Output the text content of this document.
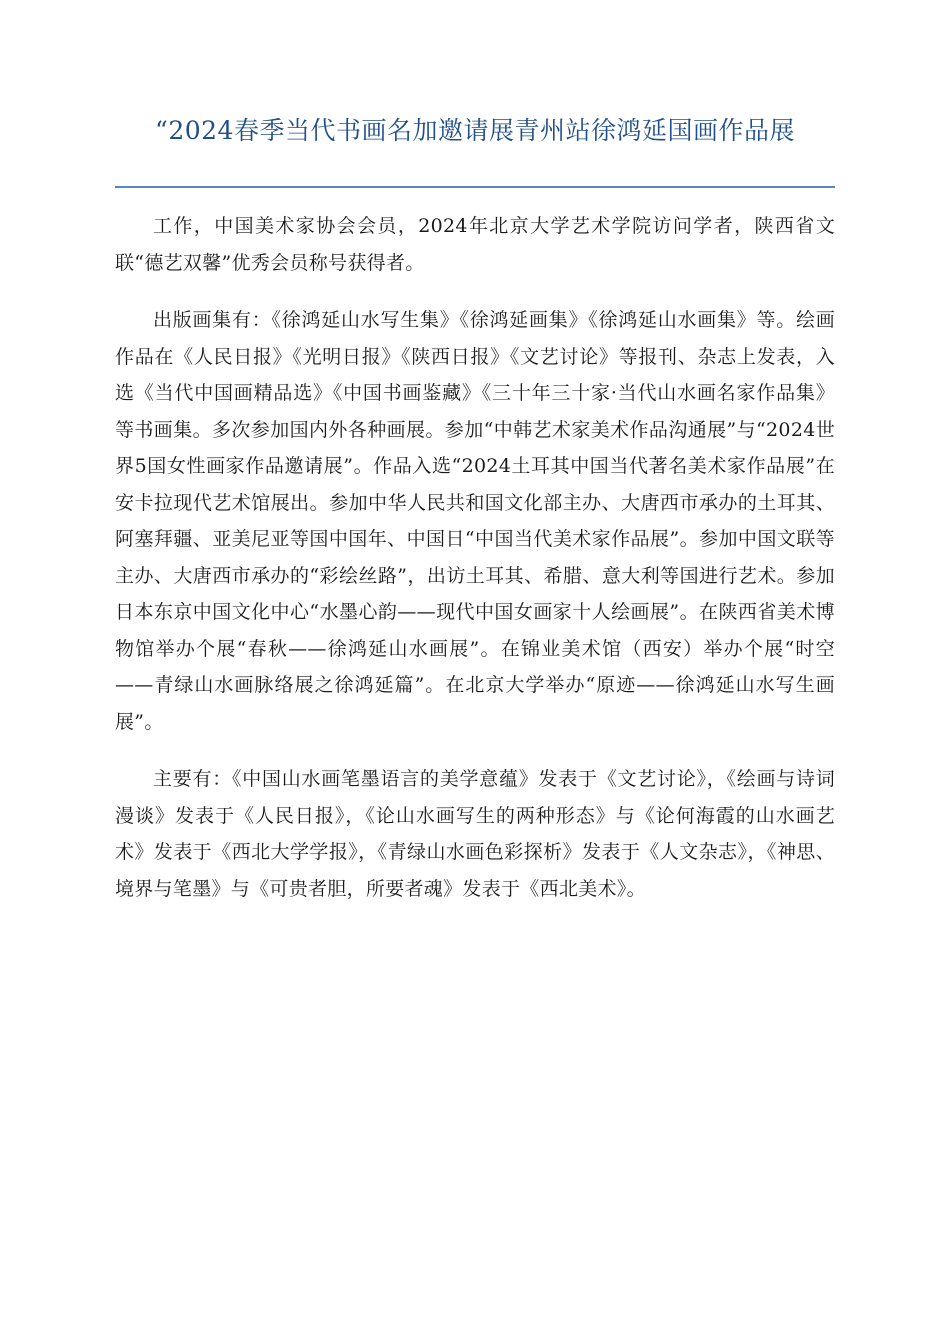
“2024春季当代书画名加邀请展青州站徐鸿延国画作品展

工作，中国美术家协会会员，2024年北京大学艺术学院访问学者，陕西省文联“德艺双馨”优秀会员称号获得者。

出版画集有：《徐鸿延山水写生集》《徐鸿延画集》《徐鸿延山水画集》等。绘画作品在《人民日报》《光明日报》《陕西日报》《文艺讨论》等报刊、杂志上发表，入选《当代中国画精品选》《中国书画鉴藏》《三十年三十家·当代山水画名家作品集》等书画集。多次参加国内外各种画展。参加“中韩艺术家美术作品沟通展”与“2024世界5国女性画家作品邀请展”。作品入选“2024土耳其中国当代著名美术家作品展”在安卡拉现代艺术馆展出。参加中华人民共和国文化部主办、大唐西市承办的土耳其、阿塞拜疆、亚美尼亚等国中国年、中国日“中国当代美术家作品展”。参加中国文联等主办、大唐西市承办的“彩绘丝路”，出访土耳其、希腊、意大利等国进行艺术。参加日本东京中国文化中心“水墨心韵——现代中国女画家十人绘画展”。在陕西省美术博物馆举办个展“春秋——徐鸿延山水画展”。在锦业美术馆（西安）举办个展“时空——青绿山水画脉络展之徐鸿延篇”。在北京大学举办“原迹——徐鸿延山水写生画展”。

主要有：《中国山水画笔墨语言的美学意蕴》发表于《文艺讨论》，《绘画与诗词漫谈》发表于《人民日报》，《论山水画写生的两种形态》与《论何海霞的山水画艺术》发表于《西北大学学报》，《青绿山水画色彩探析》发表于《人文杂志》，《神思、境界与笔墨》与《可贵者胆，所要者魂》发表于《西北美术》。
